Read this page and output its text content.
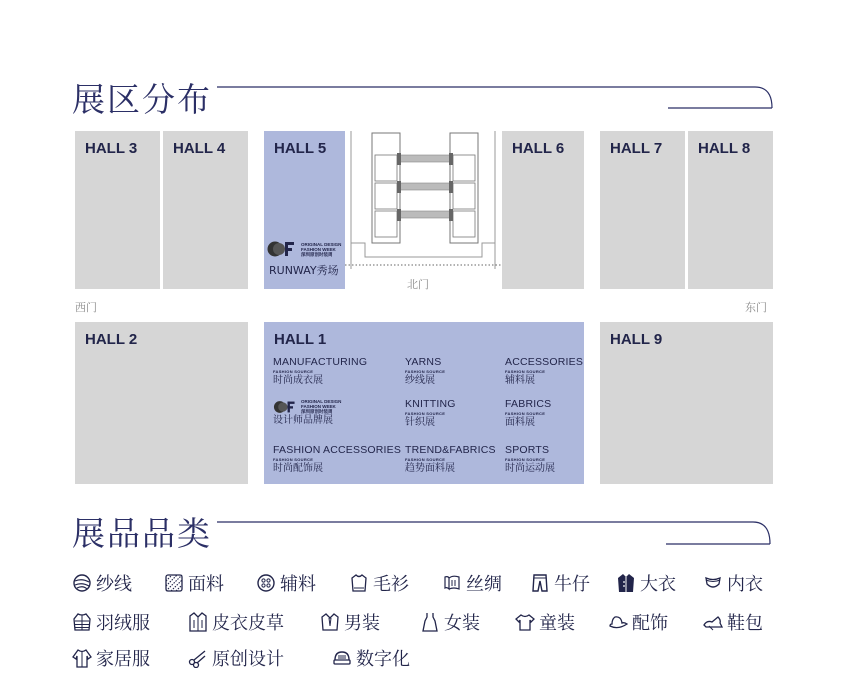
展区分布
HALL 3 HALL 4	HALL 5
ORIGINAL DESIGN
FASHION WEEK
深圳原创时装周
RUNWAY秀场
北门
HALL 6	HALL 7 HALL 8
西门	东门
HALL 2	HALL 1
MANUFACTURING
FASHION SOURCE
时尚成衣展
YARNS
FASHION SOURCE
纱线展
ACCESSORIES
FASHION SOURCE
辅料展
ORIGINAL DESIGN
FASHION WEEK
深圳原创时装周
设计师品牌展
KNITTING
FASHION SOURCE
针织展
FABRICS
FASHION SOURCE
面料展
FASHION ACCESSORIES
FASHION SOURCE
时尚配饰展
TREND&FABRICS
FASHION SOURCE
趋势面料展
SPORTS
FASHION SOURCE
时尚运动展
HALL 9
展品品类
纱线	面料	辅料	毛衫	丝绸	牛仔	大衣	内衣
羽绒服	皮衣皮草	男装	女装	童装	配饰	鞋包
家居服	原创设计	数字化
